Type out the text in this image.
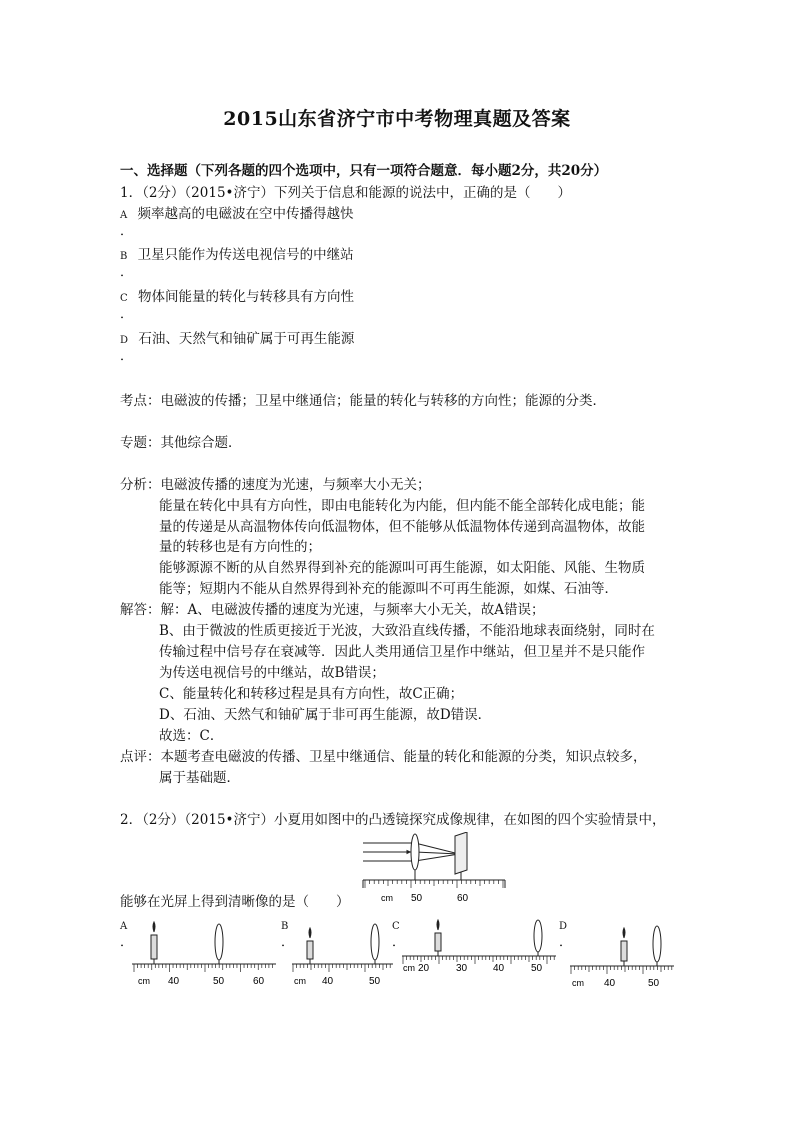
2015山东省济宁市中考物理真题及答案
一、选择题（下列各题的四个选项中，只有一项符合题意．每小题2分，共20分）
1．（2分）（2015•济宁）下列关于信息和能源的说法中，正确的是（　　）
A 频率越高的电磁波在空中传播得越快
．
B 卫星只能作为传送电视信号的中继站
．
C 物体间能量的转化与转移具有方向性
．
D 石油、天然气和铀矿属于可再生能源
．
考点：电磁波的传播；卫星中继通信；能量的转化与转移的方向性；能源的分类．
专题：其他综合题．
分析：电磁波传播的速度为光速，与频率大小无关；
能量在转化中具有方向性，即由电能转化为内能，但内能不能全部转化成电能；能
量的传递是从高温物体传向低温物体，但不能够从低温物体传递到高温物体，故能
量的转移也是有方向性的；
能够源源不断的从自然界得到补充的能源叫可再生能源，如太阳能、风能、生物质
能等；短期内不能从自然界得到补充的能源叫不可再生能源，如煤、石油等．
解答：解：A、电磁波传播的速度为光速，与频率大小无关，故A错误；
B、由于微波的性质更接近于光波，大致沿直线传播，不能沿地球表面绕射，同时在
传输过程中信号存在衰减等．因此人类用通信卫星作中继站，但卫星并不是只能作
为传送电视信号的中继站，故B错误；
C、能量转化和转移过程是具有方向性，故C正确；
D、石油、天然气和铀矿属于非可再生能源，故D错误．
故选：C．
点评：本题考查电磁波的传播、卫星中继通信、能量的转化和能源的分类，知识点较多，
属于基础题．
2．（2分）（2015•济宁）小夏用如图中的凸透镜探究成像规律，在如图的四个实验情景中，
cm 50	60
能够在光屏上得到清晰像的是（　　）
A
．
B
．
C
．
D
．
cm 40	50	60	cm 40	50
cm 20	30	40	50
cm 40	50
